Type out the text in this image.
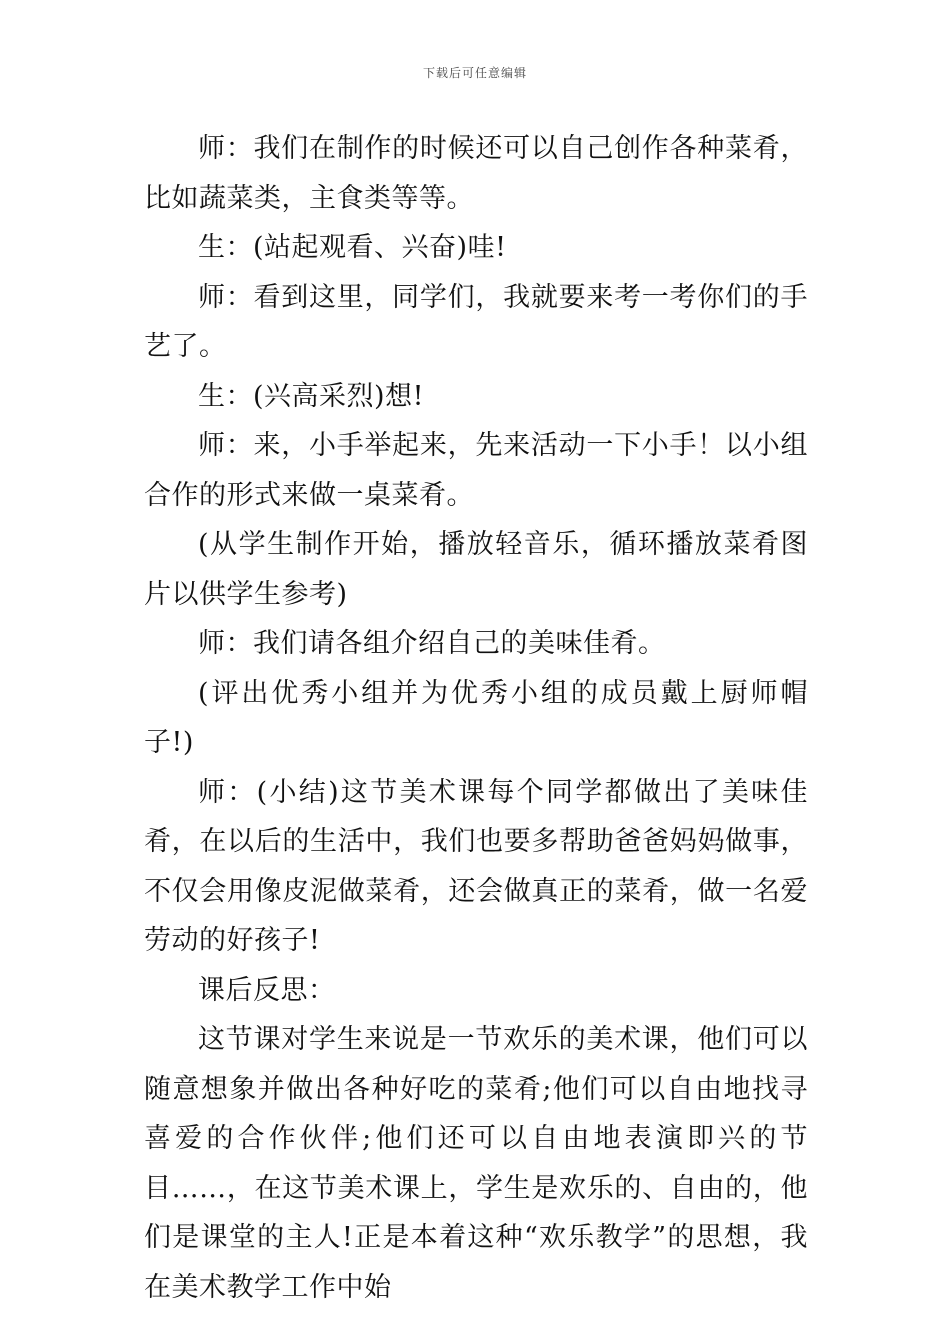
下载后可任意编辑

师：我们在制作的时候还可以自己创作各种菜肴，比如蔬菜类，主食类等等。

生：(站起观看、兴奋)哇!

师：看到这里，同学们，我就要来考一考你们的手艺了。

生：(兴高采烈)想!

师：来，小手举起来，先来活动一下小手！以小组合作的形式来做一桌菜肴。

(从学生制作开始，播放轻音乐，循环播放菜肴图片以供学生参考)

师：我们请各组介绍自己的美味佳肴。

(评出优秀小组并为优秀小组的成员戴上厨师帽子!)

师：(小结)这节美术课每个同学都做出了美味佳肴，在以后的生活中，我们也要多帮助爸爸妈妈做事，不仅会用像皮泥做菜肴，还会做真正的菜肴，做一名爱劳动的好孩子!

课后反思：

这节课对学生来说是一节欢乐的美术课，他们可以随意想象并做出各种好吃的菜肴;他们可以自由地找寻喜爱的合作伙伴;他们还可以自由地表演即兴的节目……，在这节美术课上，学生是欢乐的、自由的，他们是课堂的主人!正是本着这种“欢乐教学”的思想，我在美术教学工作中始
